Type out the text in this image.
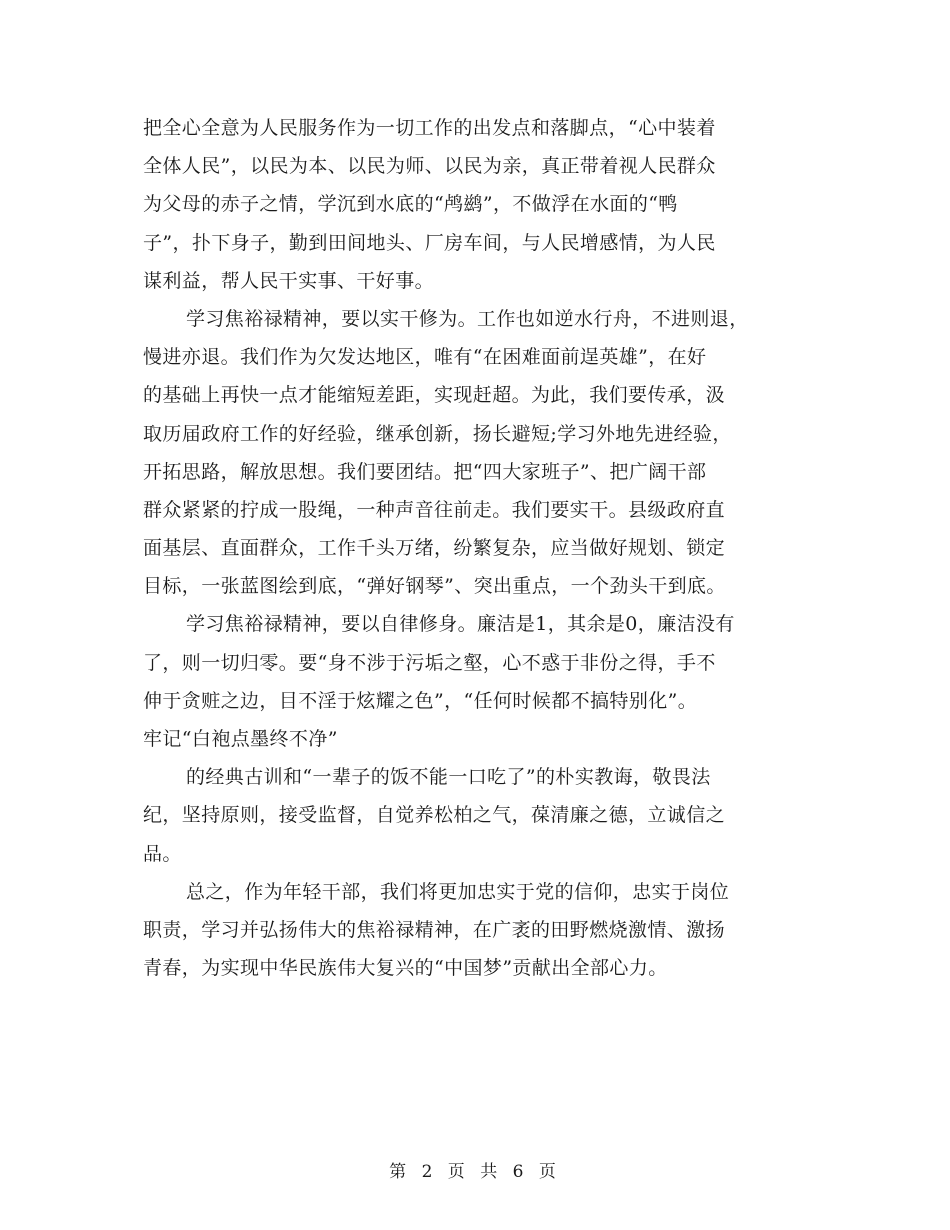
把全心全意为人民服务作为一切工作的出发点和落脚点，“心中装着
全体人民”，以民为本、以民为师、以民为亲，真正带着视人民群众
为父母的赤子之情，学沉到水底的“鸬鹚”，不做浮在水面的“鸭
子”，扑下身子，勤到田间地头、厂房车间，与人民增感情，为人民
谋利益，帮人民干实事、干好事。
学习焦裕禄精神，要以实干修为。工作也如逆水行舟，不进则退，
慢进亦退。我们作为欠发达地区，唯有“在困难面前逞英雄”，在好
的基础上再快一点才能缩短差距，实现赶超。为此，我们要传承，汲
取历届政府工作的好经验，继承创新，扬长避短;学习外地先进经验，
开拓思路，解放思想。我们要团结。把“四大家班子”、把广阔干部
群众紧紧的拧成一股绳，一种声音往前走。我们要实干。县级政府直
面基层、直面群众，工作千头万绪，纷繁复杂，应当做好规划、锁定
目标，一张蓝图绘到底，“弹好钢琴”、突出重点，一个劲头干到底。
学习焦裕禄精神，要以自律修身。廉洁是1，其余是0，廉洁没有
了，则一切归零。要“身不涉于污垢之壑，心不惑于非份之得，手不
伸于贪赃之边，目不淫于炫耀之色”，“任何时候都不搞特别化”。
牢记“白袍点墨终不净”
的经典古训和“一辈子的饭不能一口吃了”的朴实教诲，敬畏法
纪，坚持原则，接受监督，自觉养松柏之气，葆清廉之德，立诚信之
品。
总之，作为年轻干部，我们将更加忠实于党的信仰，忠实于岗位
职责，学习并弘扬伟大的焦裕禄精神，在广袤的田野燃烧激情、激扬
青春，为实现中华民族伟大复兴的“中国梦”贡献出全部心力。
第 2 页 共 6 页
